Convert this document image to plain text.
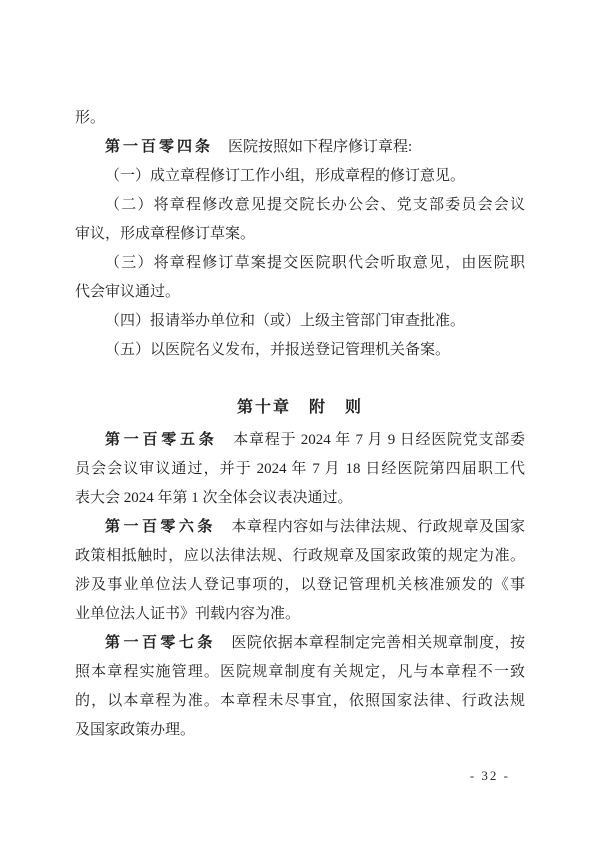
形。
第一百零四条　医院按照如下程序修订章程:
（一）成立章程修订工作小组，形成章程的修订意见。
（二）将章程修改意见提交院长办公会、党支部委员会会议
审议，形成章程修订草案。
（三）将章程修订草案提交医院职代会听取意见，由医院职
代会审议通过。
（四）报请举办单位和（或）上级主管部门审查批准。
（五）以医院名义发布，并报送登记管理机关备案。
第十章　附　则
第一百零五条　本章程于 2024 年 7 月 9 日经医院党支部委
员会会议审议通过，并于 2024 年 7 月 18 日经医院第四届职工代
表大会 2024 年第 1 次全体会议表决通过。
第一百零六条　本章程内容如与法律法规、行政规章及国家
政策相抵触时，应以法律法规、行政规章及国家政策的规定为准。
涉及事业单位法人登记事项的，以登记管理机关核准颁发的《事
业单位法人证书》刊载内容为准。
第一百零七条　医院依据本章程制定完善相关规章制度，按
照本章程实施管理。医院规章制度有关规定，凡与本章程不一致
的，以本章程为准。本章程未尽事宜，依照国家法律、行政法规
及国家政策办理。
- 32 -
